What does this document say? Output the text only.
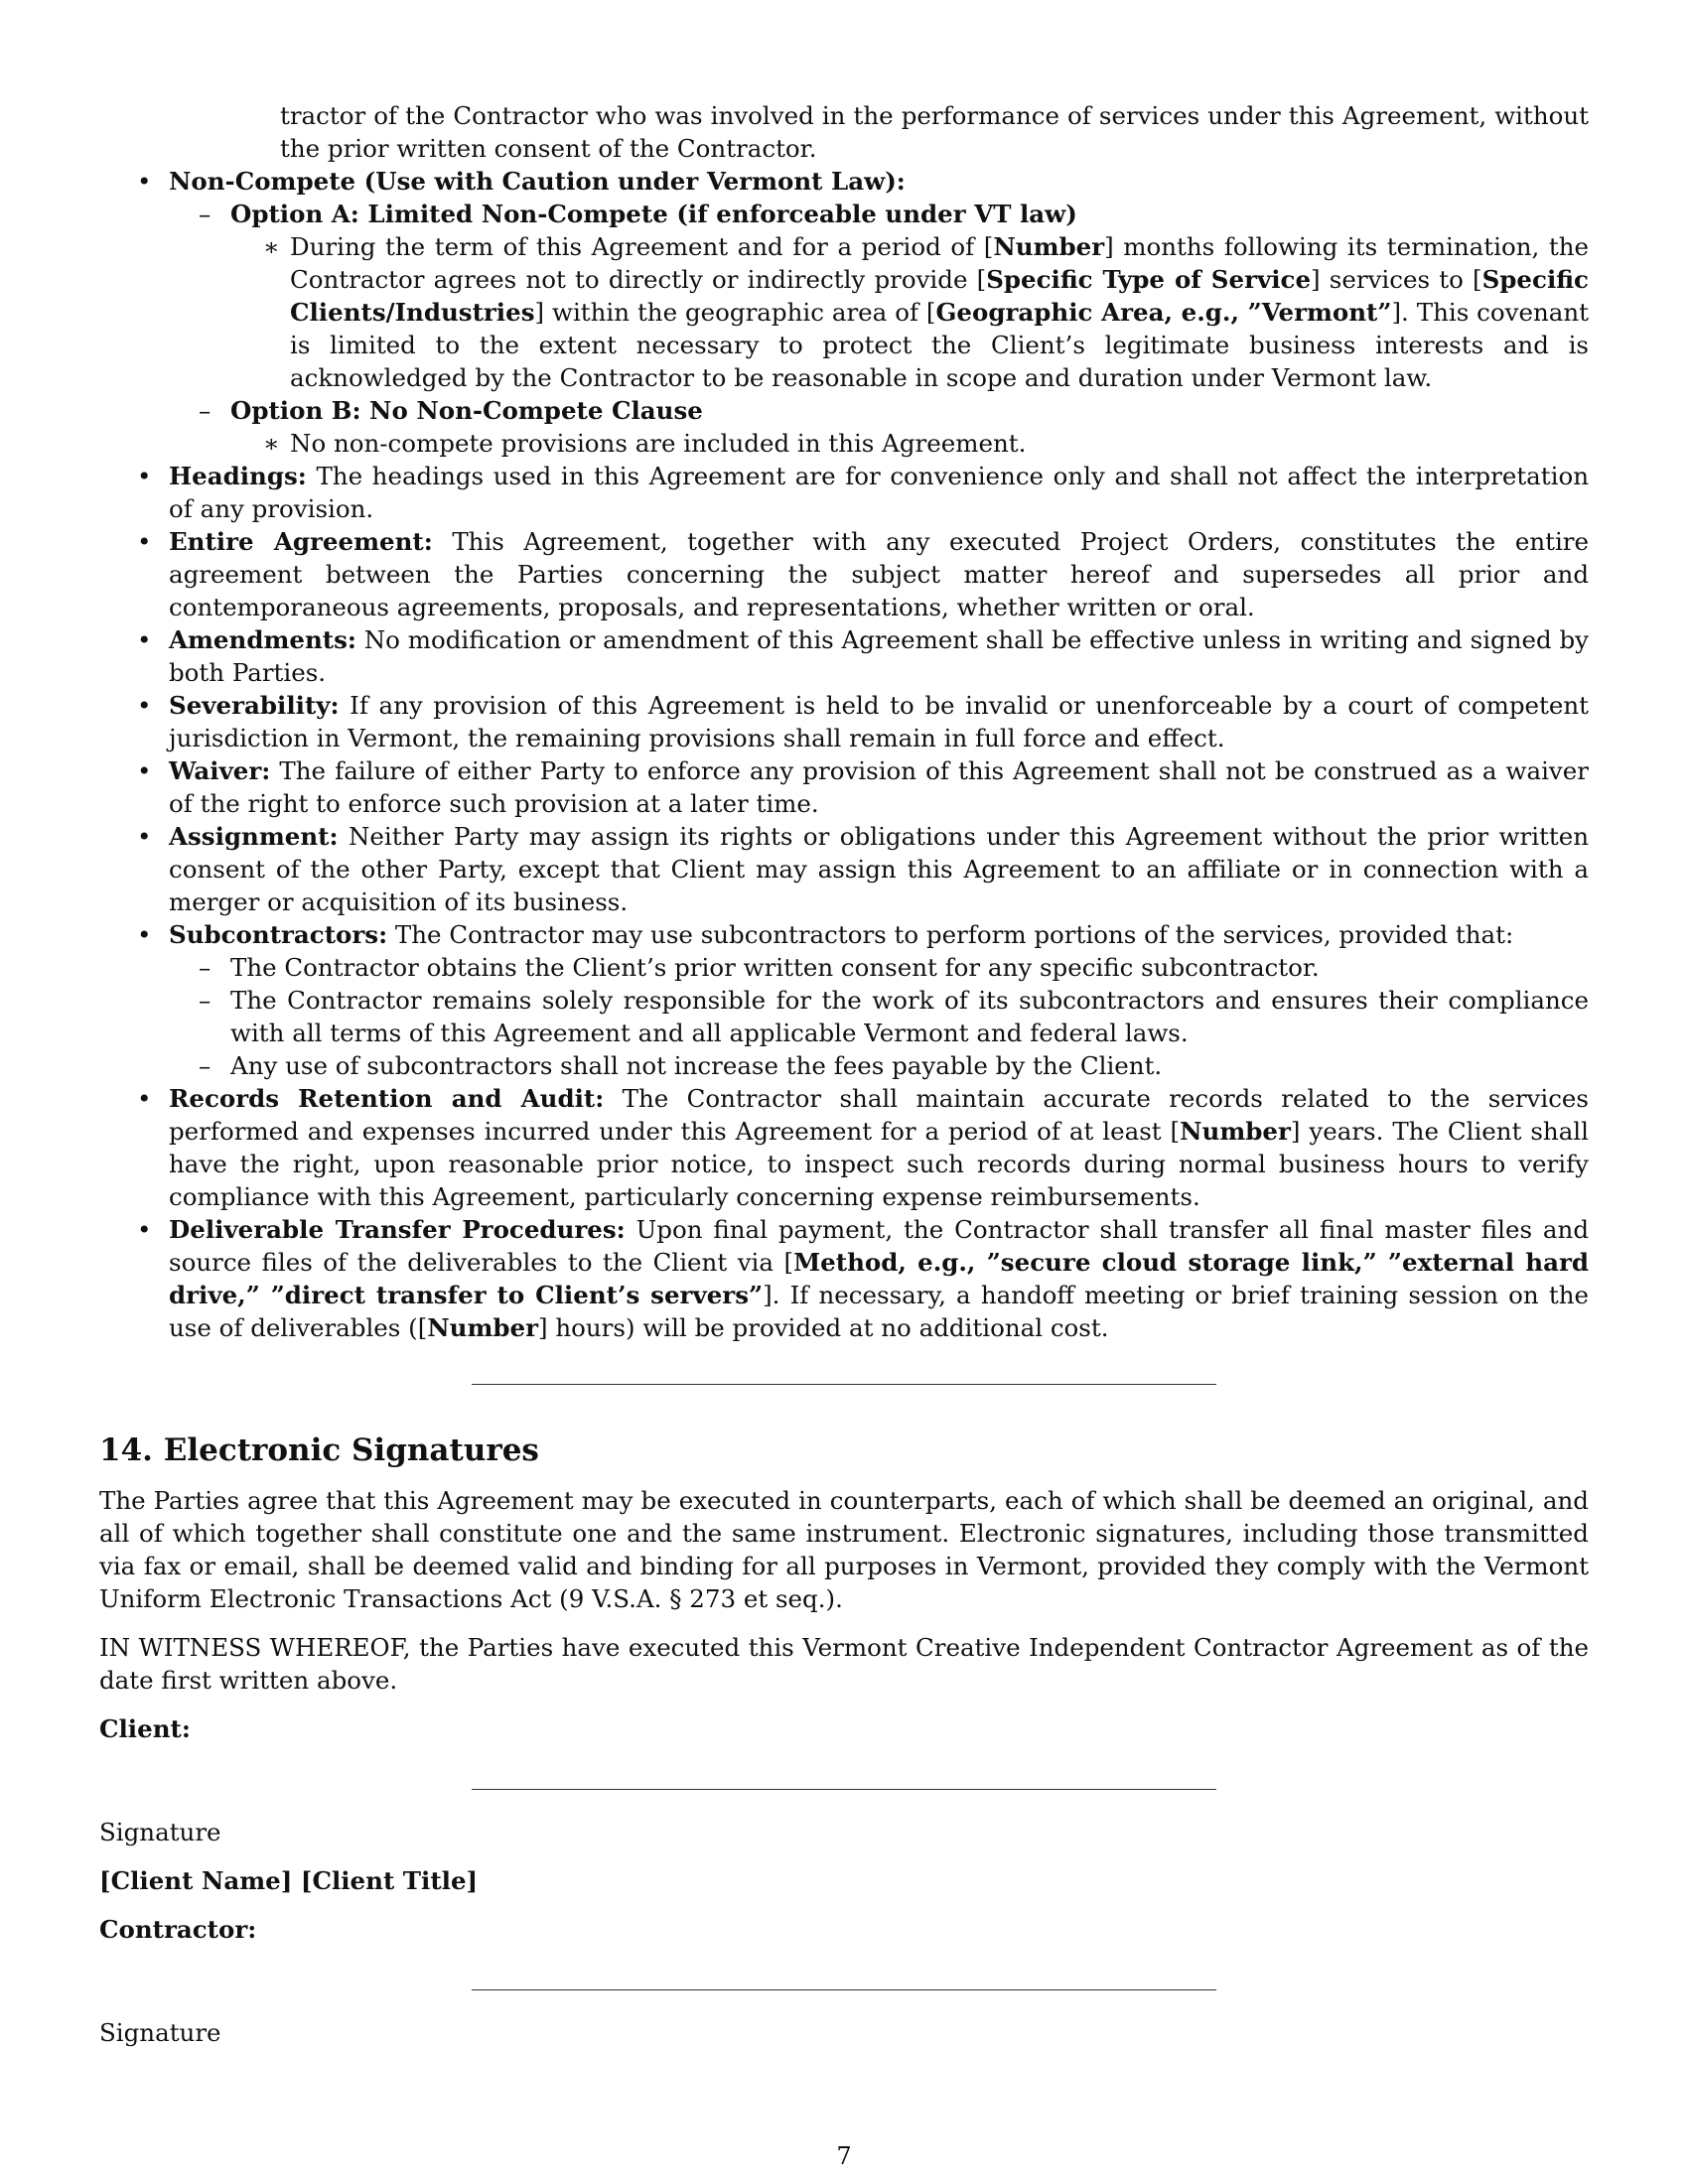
tractor of the Contractor who was involved in the performance of services under this Agreement, without the prior written consent of the Contractor.

• Non-Compete (Use with Caution under Vermont Law):
– Option A: Limited Non-Compete (if enforceable under VT law)
∗ During the term of this Agreement and for a period of [Number] months following its termination, the Contractor agrees not to directly or indirectly provide [Specific Type of Service] services to [Specific Clients/Industries] within the geographic area of [Geographic Area, e.g., ”Vermont”]. This covenant is limited to the extent necessary to protect the Client’s legitimate business interests and is acknowledged by the Contractor to be reasonable in scope and duration under Vermont law.
– Option B: No Non-Compete Clause
∗ No non-compete provisions are included in this Agreement.
• Headings: The headings used in this Agreement are for convenience only and shall not affect the interpretation of any provision.
• Entire Agreement: This Agreement, together with any executed Project Orders, constitutes the entire agreement between the Parties concerning the subject matter hereof and supersedes all prior and contemporaneous agreements, proposals, and representations, whether written or oral.
• Amendments: No modification or amendment of this Agreement shall be effective unless in writing and signed by both Parties.
• Severability: If any provision of this Agreement is held to be invalid or unenforceable by a court of competent jurisdiction in Vermont, the remaining provisions shall remain in full force and effect.
• Waiver: The failure of either Party to enforce any provision of this Agreement shall not be construed as a waiver of the right to enforce such provision at a later time.
• Assignment: Neither Party may assign its rights or obligations under this Agreement without the prior written consent of the other Party, except that Client may assign this Agreement to an affiliate or in connection with a merger or acquisition of its business.
• Subcontractors: The Contractor may use subcontractors to perform portions of the services, provided that:
– The Contractor obtains the Client’s prior written consent for any specific subcontractor.
– The Contractor remains solely responsible for the work of its subcontractors and ensures their compliance with all terms of this Agreement and all applicable Vermont and federal laws.
– Any use of subcontractors shall not increase the fees payable by the Client.
• Records Retention and Audit: The Contractor shall maintain accurate records related to the services performed and expenses incurred under this Agreement for a period of at least [Number] years. The Client shall have the right, upon reasonable prior notice, to inspect such records during normal business hours to verify compliance with this Agreement, particularly concerning expense reimbursements.
• Deliverable Transfer Procedures: Upon final payment, the Contractor shall transfer all final master files and source files of the deliverables to the Client via [Method, e.g., ”secure cloud storage link,” ”external hard drive,” ”direct transfer to Client’s servers”]. If necessary, a handoff meeting or brief training session on the use of deliverables ([Number] hours) will be provided at no additional cost.
14. Electronic Signatures

The Parties agree that this Agreement may be executed in counterparts, each of which shall be deemed an original, and all of which together shall constitute one and the same instrument. Electronic signatures, including those transmitted via fax or email, shall be deemed valid and binding for all purposes in Vermont, provided they comply with the Vermont Uniform Electronic Transactions Act (9 V.S.A. § 273 et seq.).

IN WITNESS WHEREOF, the Parties have executed this Vermont Creative Independent Contractor Agreement as of the date first written above.

Client:

Signature

[Client Name] [Client Title]

Contractor:

Signature

7
